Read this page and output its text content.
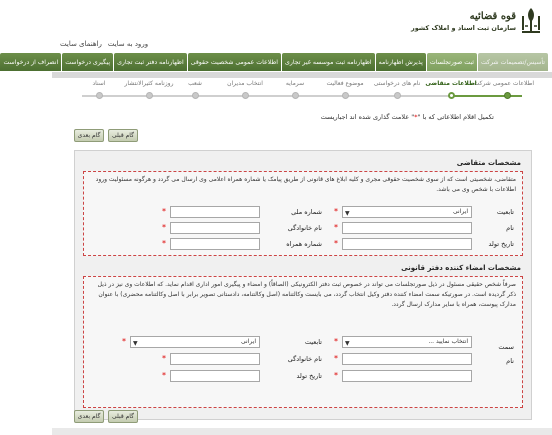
قوه قضائیه
سازمان ثبت اسناد و املاک کشور
ورود به سایت
راهنمای سایت
تأسیس/تصمیمات شرکت
ثبت صورتجلسات
پذیرش اظهارنامه
اظهارنامه ثبت موسسه غیر تجاری
اطلاعات عمومی شخصیت حقوقی
اظهارنامه دفتر ثبت تجاری
پیگیری درخواست
انصراف از درخواست
اطلاعات عمومی شرکت
اطلاعات متقاضی
نام های درخواستی
موضوع فعالیت
سرمایه
انتخاب مدیران
شعب
روزنامه کثیرالانتشار
اسناد
تکمیل اقلام اطلاعاتی که با "*" علامت گذاری شده اند اجباریست
گام بعدی	گام قبلی
مشخصات متقاضی
متقاضی، شخصیتی است که از سوی شخصیت حقوقی مجری و کلیه ابلاغ های قانونی از طریق پیامک یا شماره همراه اعلامی وی ارسال می گردد و هرگونه مسئولیت ورود اطلاعات با شخص وی می باشد.
تابعیت
ایرانی
▼
*
نام
*
تاریخ تولد
*
شماره ملی
*
نام خانوادگی
*
شماره همراه
*
مشخصات امضاء کننده دفتر قانونی
صرفاً شخص حقیقی مسئول در ذیل صورتجلسات می تواند در خصوص ثبت دفتر الکترونیکی (الصاقاً) و امضاء و پیگیری امور اداری اقدام نماید. که اطلاعات وی نیز در ذیل ذکر گردیده است. در صورتیکه سمت امضاء کننده دفتر وکیل انتخاب گردد، می بایست وکالتنامه (اصل وکالتنامه، دادستانی تصویر برابر با اصل وکالتنامه محضری) با عنوان مدارک پیوست، همراه با سایر مدارک ارسال گردد.
سمت
انتخاب نمایید ...
▼
*
نام
*
*
تابعیت
ایرانی
▼
*
نام خانوادگی
*
تاریخ تولد
*
گام بعدی	گام قبلی
